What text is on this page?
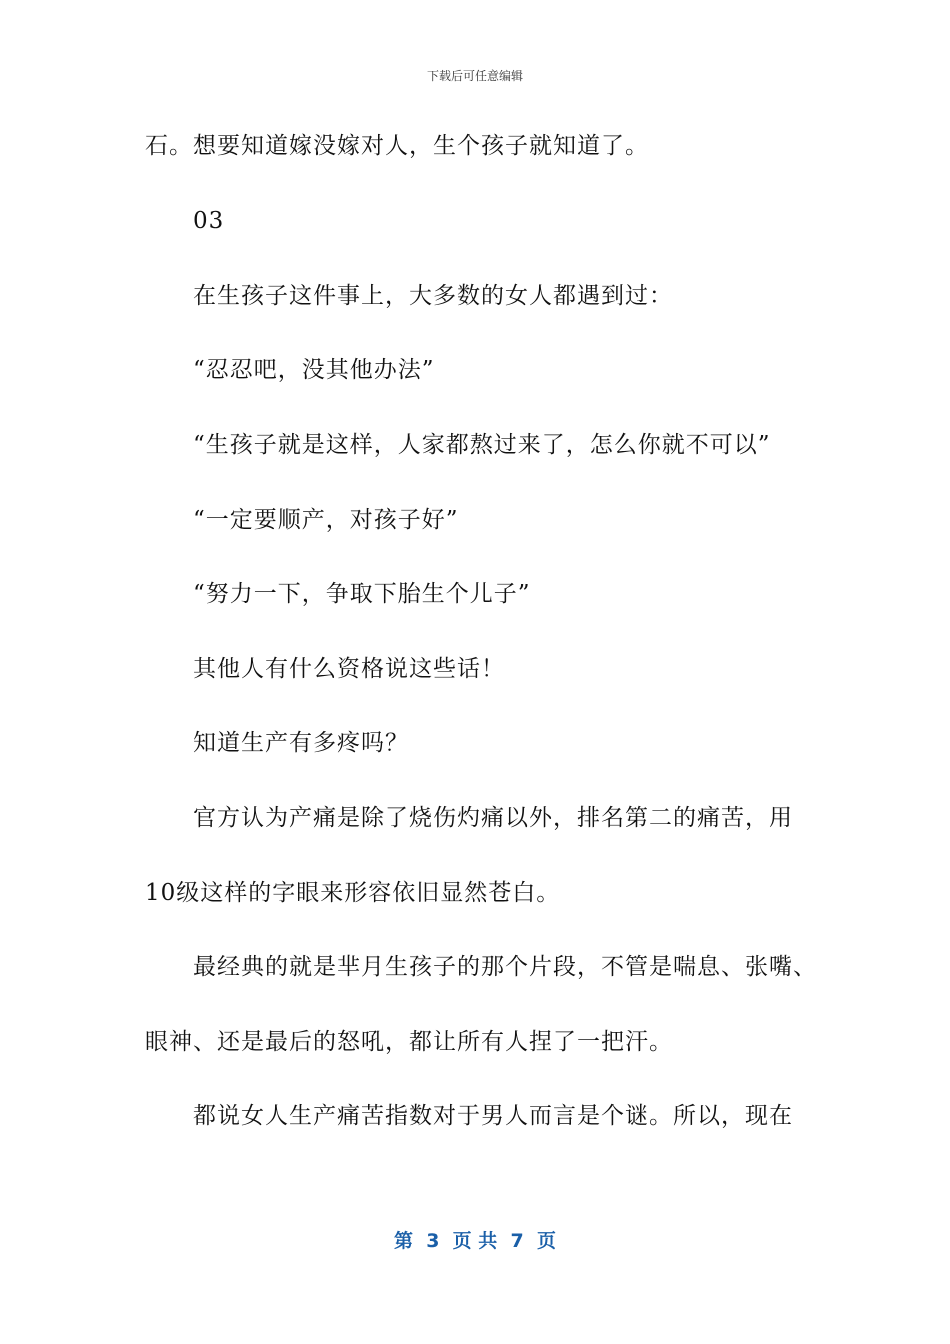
下载后可任意编辑
石。想要知道嫁没嫁对人，生个孩子就知道了。
03
在生孩子这件事上，大多数的女人都遇到过：
“忍忍吧，没其他办法”
“生孩子就是这样，人家都熬过来了，怎么你就不可以”
“一定要顺产，对孩子好”
“努力一下，争取下胎生个儿子”
其他人有什么资格说这些话！
知道生产有多疼吗？
官方认为产痛是除了烧伤灼痛以外，排名第二的痛苦，用
10级这样的字眼来形容依旧显然苍白。
最经典的就是芈月生孩子的那个片段，不管是喘息、张嘴、
眼神、还是最后的怒吼，都让所有人捏了一把汗。
都说女人生产痛苦指数对于男人而言是个谜。所以，现在
第  3  页 共  7  页
